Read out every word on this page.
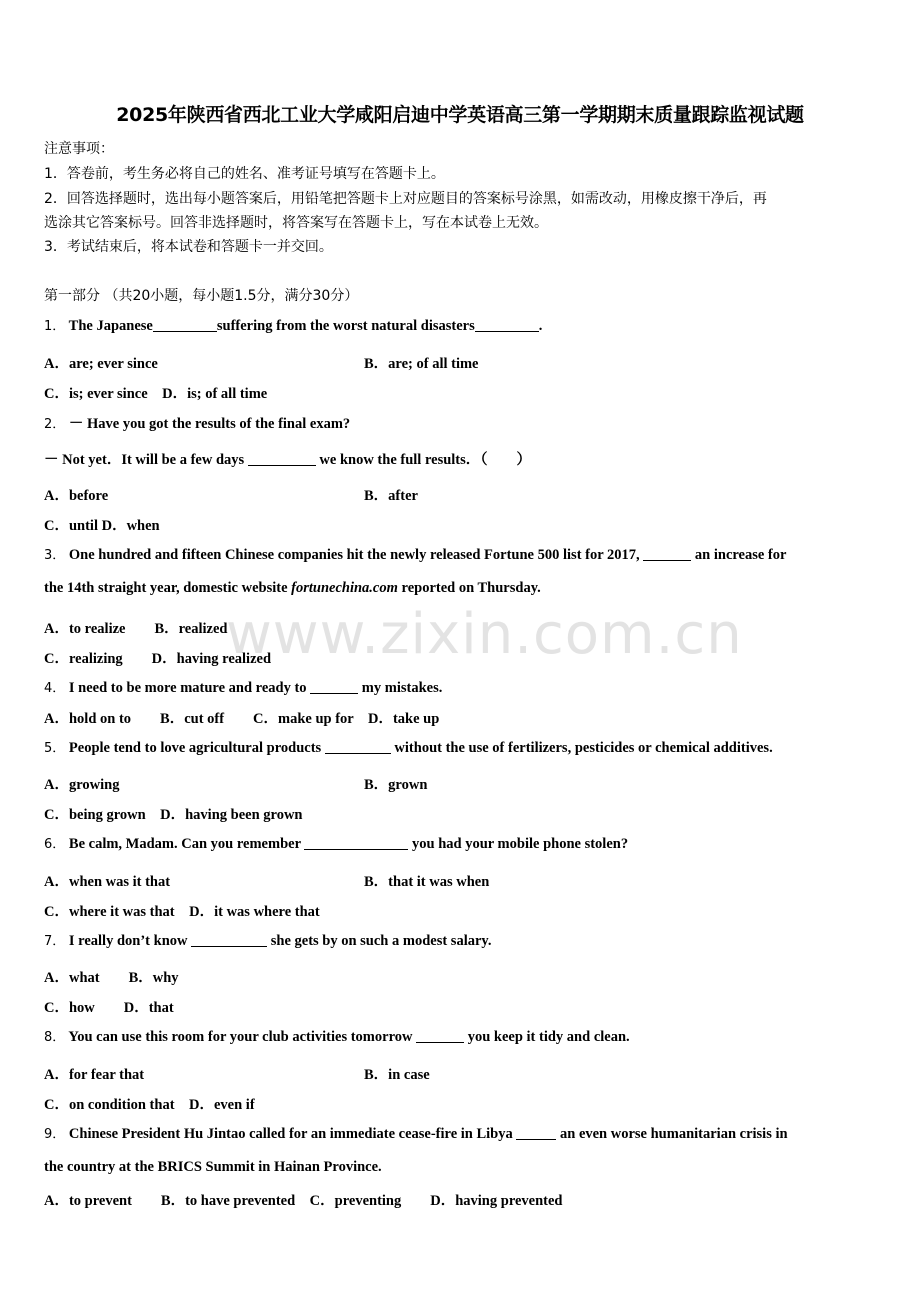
2025年陕西省西北工业大学咸阳启迪中学英语高三第一学期期末质量跟踪监视试题
注意事项：
1．答卷前，考生务必将自己的姓名、准考证号填写在答题卡上。
2．回答选择题时，选出每小题答案后，用铅笔把答题卡上对应题目的答案标号涂黑，如需改动，用橡皮擦干净后，再
选涂其它答案标号。回答非选择题时，将答案写在答题卡上，写在本试卷上无效。
3．考试结束后，将本试卷和答题卡一并交回。
第一部分 （共20小题，每小题1.5分，满分30分）
1． The Japanese	suffering from the worst natural disasters	.
A．are; ever since	B．are; of all time
C．is; ever since　D．is; of all time
2． － Have you got the results of the final exam?
－ Not yet．It will be a few days	we know the full results．（　　）
A．before	B．after
C．until D．when
3． One hundred and fifteen Chinese companies hit the newly released Fortune 500 list for 2017,	an increase for
the 14th straight year, domestic website fortunechina.com reported on Thursday.
A．to realize　　B．realized
C．realizing　　D．having realized
4． I need to be more mature and ready to	my mistakes.
A．hold on to　　B．cut off　　C．make up for　D．take up
5． People tend to love agricultural products	without the use of fertilizers, pesticides or chemical additives.
A．growing	B．grown
C．being grown　D．having been grown
6． Be calm, Madam. Can you remember	you had your mobile phone stolen?
A．when was it that	B．that it was when
C．where it was that　D．it was where that
7． I really don’t know	she gets by on such a modest salary.
A．what　　B．why
C．how　　D．that
8． You can use this room for your club activities tomorrow	you keep it tidy and clean.
A．for fear that	B．in case
C．on condition that　D．even if
9． Chinese President Hu Jintao called for an immediate cease-fire in Libya	an even worse humanitarian crisis in
the country at the BRICS Summit in Hainan Province.
A．to prevent　　B．to have prevented　C．preventing　　D．having prevented
www.zixin.com.cn
